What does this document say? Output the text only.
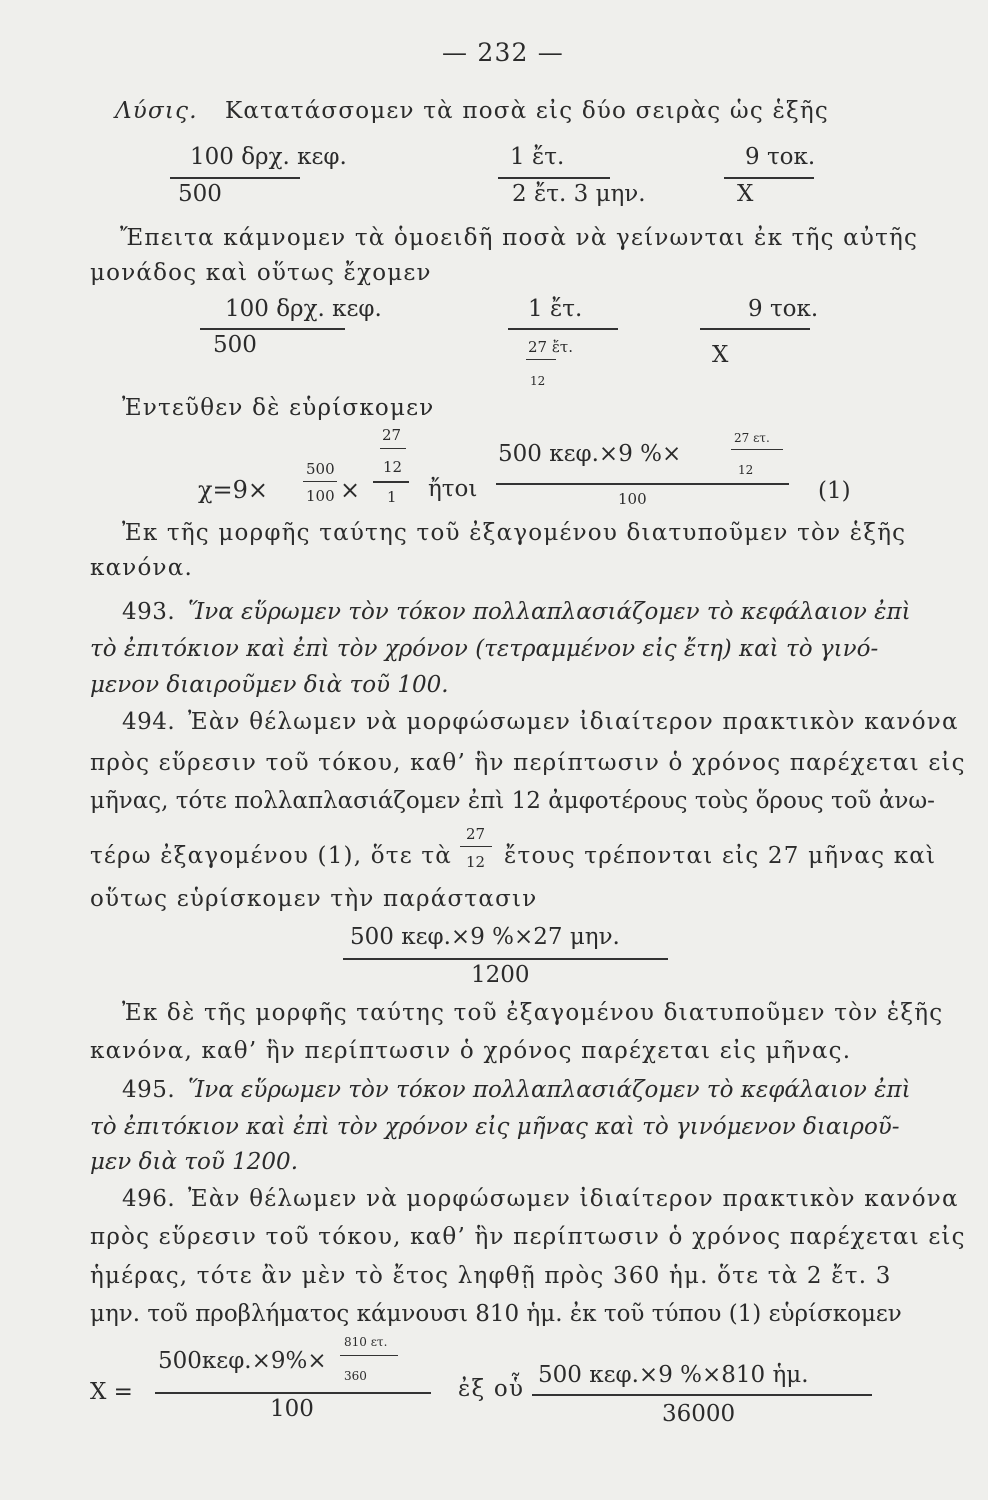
— 232 —
Λύσις. Κατατάσσομεν τὰ ποσὰ εἰς δύο σειρὰς ὡς ἑξῆς
100 δρχ. κεφ.
500
1 ἔτ.
2 ἔτ. 3 μην.
9 τοκ.
X
Ἔπειτα κάμνομεν τὰ ὁμοειδῆ ποσὰ νὰ γείνωνται ἐκ τῆς αὐτῆς
μονάδος καὶ οὕτως ἔχομεν
100 δρχ. κεφ.
500
1 ἔτ.
27 ἔτ.
12
9 τοκ.
X
Ἐντεῦθεν δὲ εὑρίσκομεν
χ=9×
500
100 ×
27
12
1 ἤτοι
500 κεφ.×9 %×
27 ετ.
12
100	(1)
Ἐκ τῆς μορφῆς ταύτης τοῦ ἐξαγομένου διατυποῦμεν τὸν ἑξῆς
κανόνα.
493. Ἵνα εὕρωμεν τὸν τόκον πολλαπλασιάζομεν τὸ κεφάλαιον ἐπὶ
τὸ ἐπιτόκιον καὶ ἐπὶ τὸν χρόνον (τετραμμένον εἰς ἔτη) καὶ τὸ γινό-
μενον διαιροῦμεν διὰ τοῦ 100.
494. Ἐὰν θέλωμεν νὰ μορφώσωμεν ἰδιαίτερον πρακτικὸν κανόνα
πρὸς εὕρεσιν τοῦ τόκου, καθ’ ἣν περίπτωσιν ὁ χρόνος παρέχεται εἰς
μῆνας, τότε πολλαπλασιάζομεν ἐπὶ 12 ἀμφοτέρους τοὺς ὅρους τοῦ ἀνω-
τέρω ἐξαγομένου (1), ὅτε τὰ
27
12 ἔτους τρέπονται εἰς 27 μῆνας καὶ
οὕτως εὑρίσκομεν τὴν παράστασιν
500 κεφ.×9 %×27 μην.
1200
Ἐκ δὲ τῆς μορφῆς ταύτης τοῦ ἐξαγομένου διατυποῦμεν τὸν ἑξῆς
κανόνα, καθ’ ἣν περίπτωσιν ὁ χρόνος παρέχεται εἰς μῆνας.
495. Ἵνα εὕρωμεν τὸν τόκον πολλαπλασιάζομεν τὸ κεφάλαιον ἐπὶ
τὸ ἐπιτόκιον καὶ ἐπὶ τὸν χρόνον εἰς μῆνας καὶ τὸ γινόμενον διαιροῦ-
μεν διὰ τοῦ 1200.
496. Ἐὰν θέλωμεν νὰ μορφώσωμεν ἰδιαίτερον πρακτικὸν κανόνα
πρὸς εὕρεσιν τοῦ τόκου, καθ’ ἣν περίπτωσιν ὁ χρόνος παρέχεται εἰς
ἡμέρας, τότε ἂν μὲν τὸ ἔτος ληφθῇ πρὸς 360 ἡμ. ὅτε τὰ 2 ἔτ. 3
μην. τοῦ προβλήματος κάμνουσι 810 ἡμ. ἐκ τοῦ τύπου (1) εὑρίσκομεν
X =
500κεφ.×9%×
810 ετ.
360
100
ἐξ οὗ
500 κεφ.×9 %×810 ἡμ.
36000
